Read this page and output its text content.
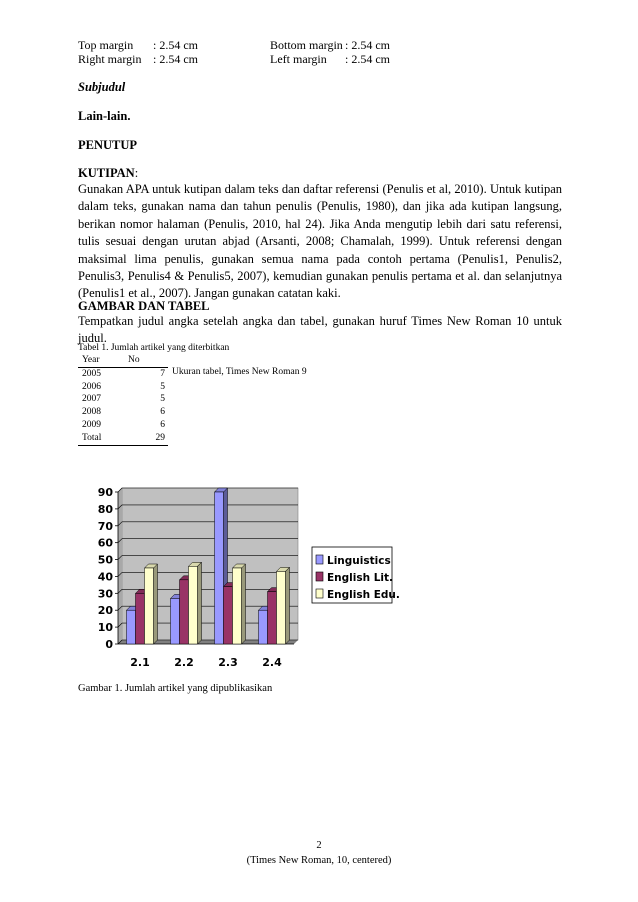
Top margin : 2.54 cm	Bottom margin : 2.54 cm
Right margin : 2.54 cm	Left margin : 2.54 cm
Subjudul
Lain-lain.
PENUTUP
KUTIPAN:
Gunakan APA untuk kutipan dalam teks dan daftar referensi (Penulis et al, 2010). Untuk kutipan dalam teks, gunakan nama dan tahun penulis (Penulis, 1980), dan jika ada kutipan langsung, berikan nomor halaman (Penulis, 2010, hal 24). Jika Anda mengutip lebih dari satu referensi, tulis sesuai dengan urutan abjad (Arsanti, 2008; Chamalah, 1999). Untuk referensi dengan maksimal lima penulis, gunakan semua nama pada contoh pertama (Penulis1, Penulis2, Penulis3, Penulis4 & Penulis5, 2007), kemudian gunakan penulis pertama et al. dan selanjutnya (Penulis1 et al., 2007). Jangan gunakan catatan kaki.
GAMBAR DAN TABEL
Tempatkan judul angka setelah angka dan tabel, gunakan huruf Times New Roman 10 untuk judul.
Tabel 1. Jumlah artikel yang diterbitkan
Year	No
2005	7
2006	5
2007	5
2008	6
2009	6
Total	29
Ukuran tabel, Times New Roman 9
0
10
20
30
40
50
60
70
80
90
2.1 2.2 2.3 2.4
Linguistics
English Lit.
English Edu.
Gambar 1. Jumlah artikel yang dipublikasikan
2
(Times New Roman, 10, centered)
